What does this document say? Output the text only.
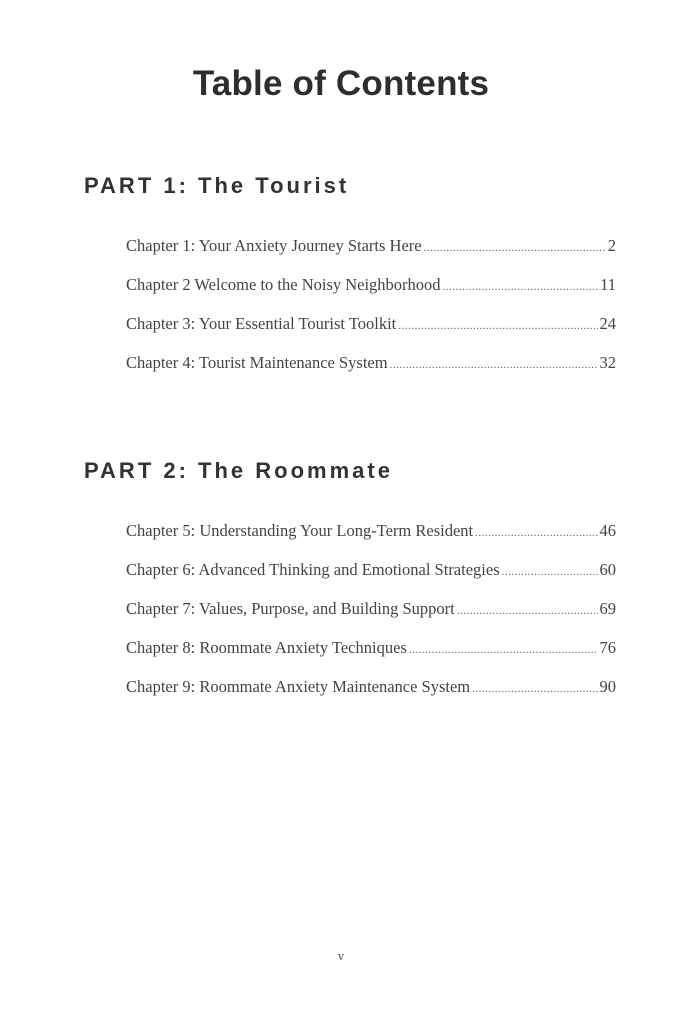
Table of Contents
PART 1: The Tourist
Chapter 1: Your Anxiety Journey Starts Here .....	2
Chapter 2 Welcome to the Noisy Neighborhood .....	11
Chapter 3: Your Essential Tourist Toolkit .....	24
Chapter 4: Tourist Maintenance System .....	32
PART 2: The Roommate
Chapter 5: Understanding Your Long-Term Resident .....	46
Chapter 6: Advanced Thinking and Emotional Strategies .....	60
Chapter 7: Values, Purpose, and Building Support .....	69
Chapter 8: Roommate Anxiety Techniques .....	76
Chapter 9: Roommate Anxiety Maintenance System .....	90
v
